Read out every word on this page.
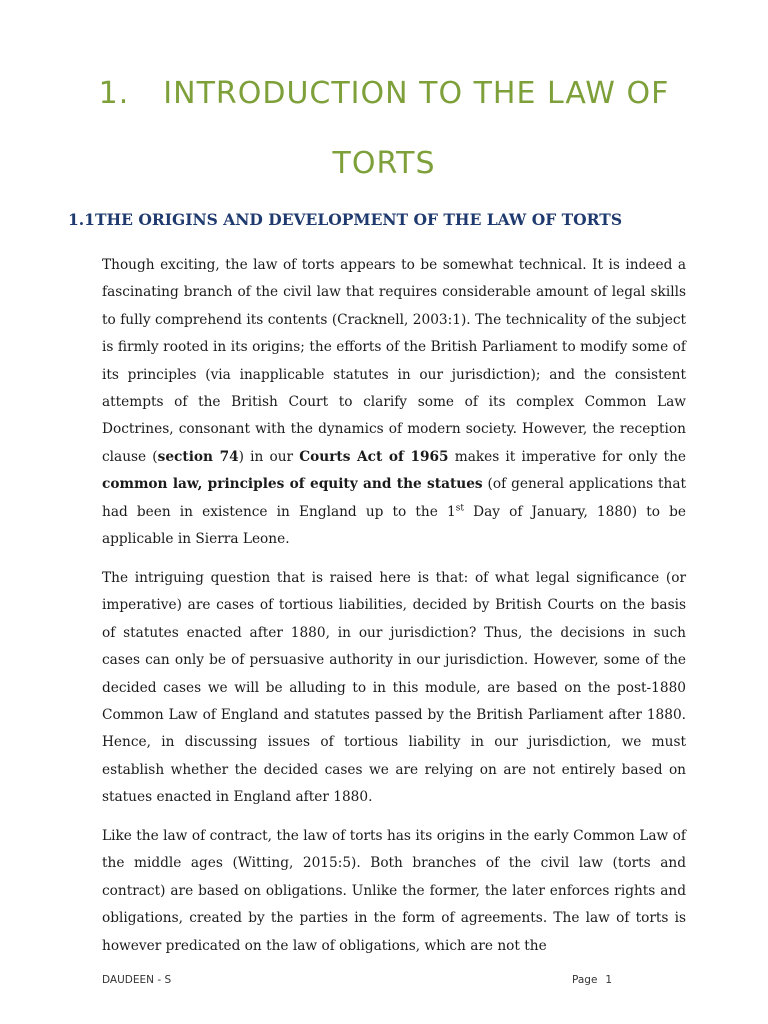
1. INTRODUCTION TO THE LAW OF
TORTS
1.1THE ORIGINS AND DEVELOPMENT OF THE LAW OF TORTS

Though exciting, the law of torts appears to be somewhat technical. It is indeed a fascinating branch of the civil law that requires considerable amount of legal skills to fully comprehend its contents (Cracknell, 2003:1). The technicality of the subject is firmly rooted in its origins; the efforts of the British Parliament to modify some of its principles (via inapplicable statutes in our jurisdiction); and the consistent attempts of the British Court to clarify some of its complex Common Law Doctrines, consonant with the dynamics of modern society. However, the reception clause (section 74) in our Courts Act of 1965 makes it imperative for only the common law, principles of equity and the statues (of general applications that had been in existence in England up to the 1st Day of January, 1880) to be applicable in Sierra Leone.

The intriguing question that is raised here is that: of what legal significance (or imperative) are cases of tortious liabilities, decided by British Courts on the basis of statutes enacted after 1880, in our jurisdiction? Thus, the decisions in such cases can only be of persuasive authority in our jurisdiction. However, some of the decided cases we will be alluding to in this module, are based on the post-1880 Common Law of England and statutes passed by the British Parliament after 1880. Hence, in discussing issues of tortious liability in our jurisdiction, we must establish whether the decided cases we are relying on are not entirely based on statues enacted in England after 1880.

Like the law of contract, the law of torts has its origins in the early Common Law of the middle ages (Witting, 2015:5). Both branches of the civil law (torts and contract) are based on obligations. Unlike the former, the later enforces rights and obligations, created by the parties in the form of agreements. The law of torts is however predicated on the law of obligations, which are not the

DAUDEEN - S	Page 1
